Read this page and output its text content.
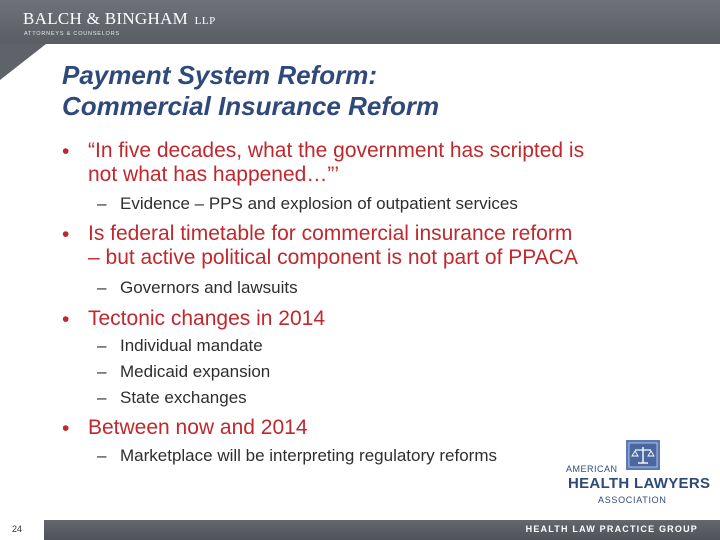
BALCH & BINGHAM LLP
ATTORNEYS & COUNSELORS
Payment System Reform:
Commercial Insurance Reform
• “In five decades, what the government has scripted is
not what has happened…”’
– Evidence – PPS and explosion of outpatient services
• Is federal timetable for commercial insurance reform
– but active political component is not part of PPACA
– Governors and lawsuits
• Tectonic changes in 2014
– Individual mandate
– Medicaid expansion
– State exchanges
• Between now and 2014
– Marketplace will be interpreting regulatory reforms
AMERICAN
HEALTH LAWYERS
ASSOCIATION
24	HEALTH LAW PRACTICE GROUP
